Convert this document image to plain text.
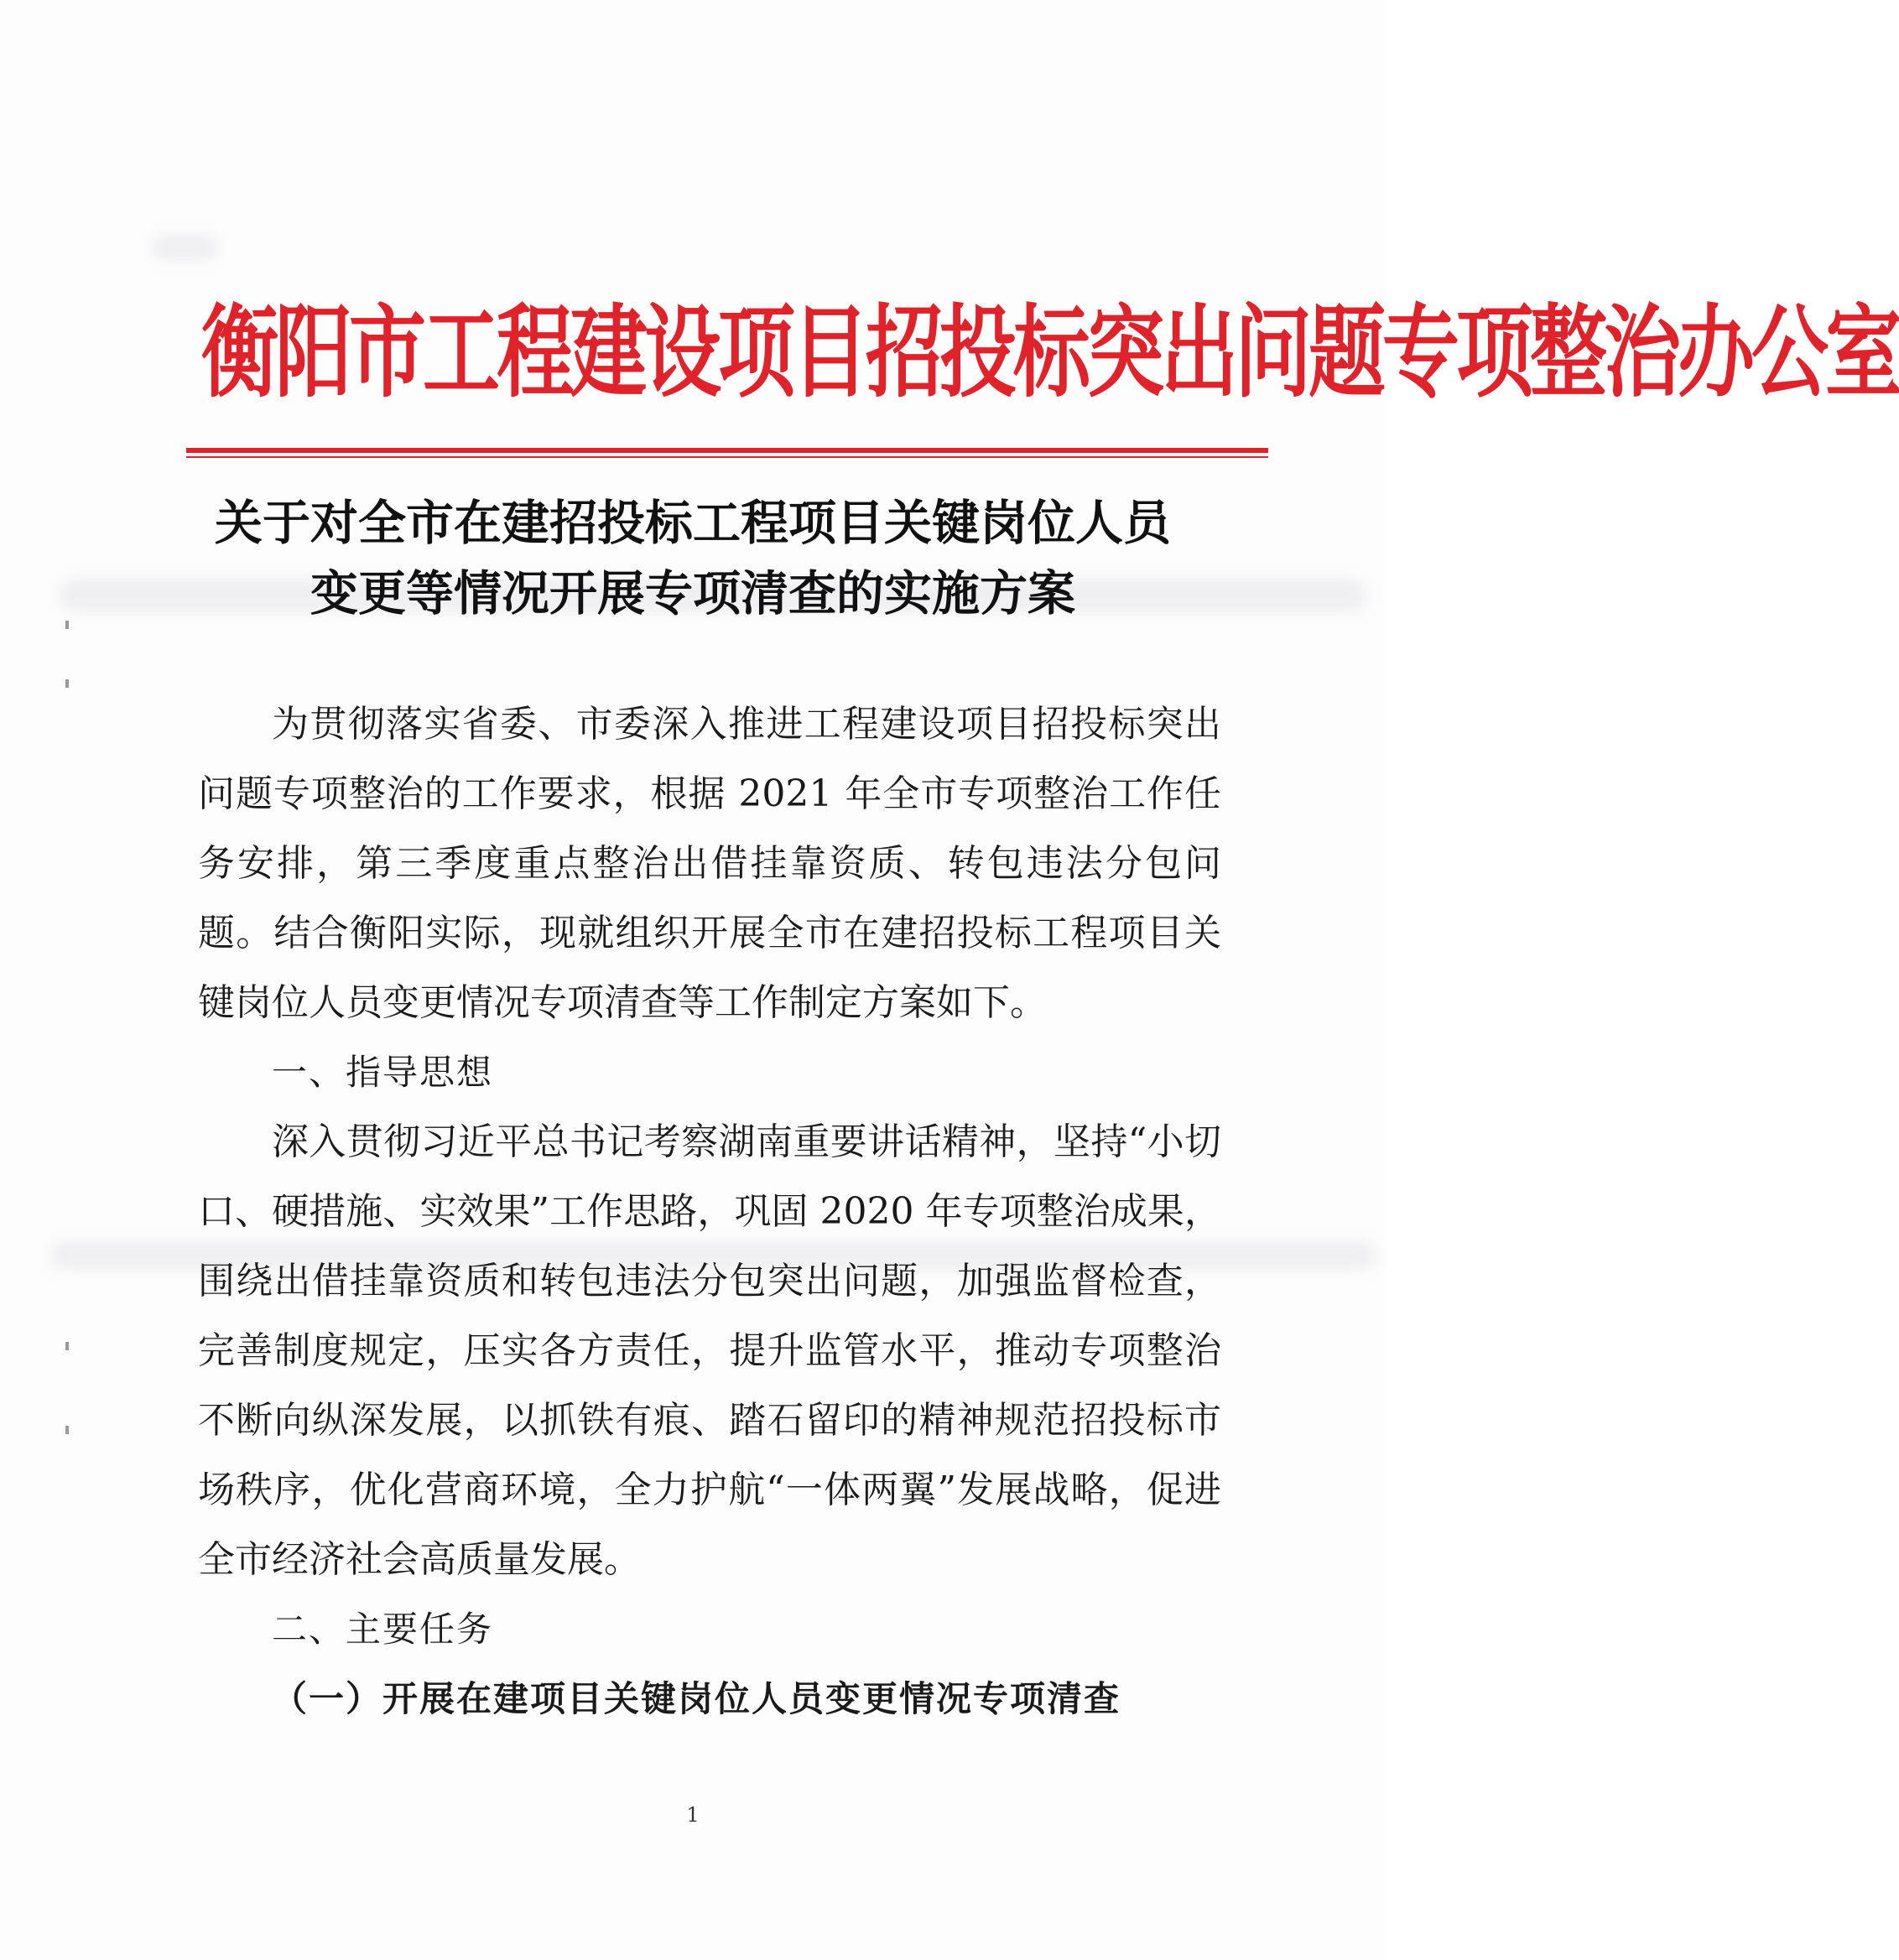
衡阳市工程建设项目招投标突出问题专项整治办公室
关于对全市在建招投标工程项目关键岗位人员
变更等情况开展专项清查的实施方案

为贯彻落实省委、市委深入推进工程建设项目招投标突出问题专项整治的工作要求，根据 2021 年全市专项整治工作任务安排，第三季度重点整治出借挂靠资质、转包违法分包问题。结合衡阳实际，现就组织开展全市在建招投标工程项目关键岗位人员变更情况专项清查等工作制定方案如下。

一、指导思想

深入贯彻习近平总书记考察湖南重要讲话精神，坚持“小切口、硬措施、实效果”工作思路，巩固 2020 年专项整治成果，围绕出借挂靠资质和转包违法分包突出问题，加强监督检查，完善制度规定，压实各方责任，提升监管水平，推动专项整治不断向纵深发展，以抓铁有痕、踏石留印的精神规范招投标市场秩序，优化营商环境，全力护航“一体两翼”发展战略，促进全市经济社会高质量发展。

二、主要任务

（一）开展在建项目关键岗位人员变更情况专项清查

1
